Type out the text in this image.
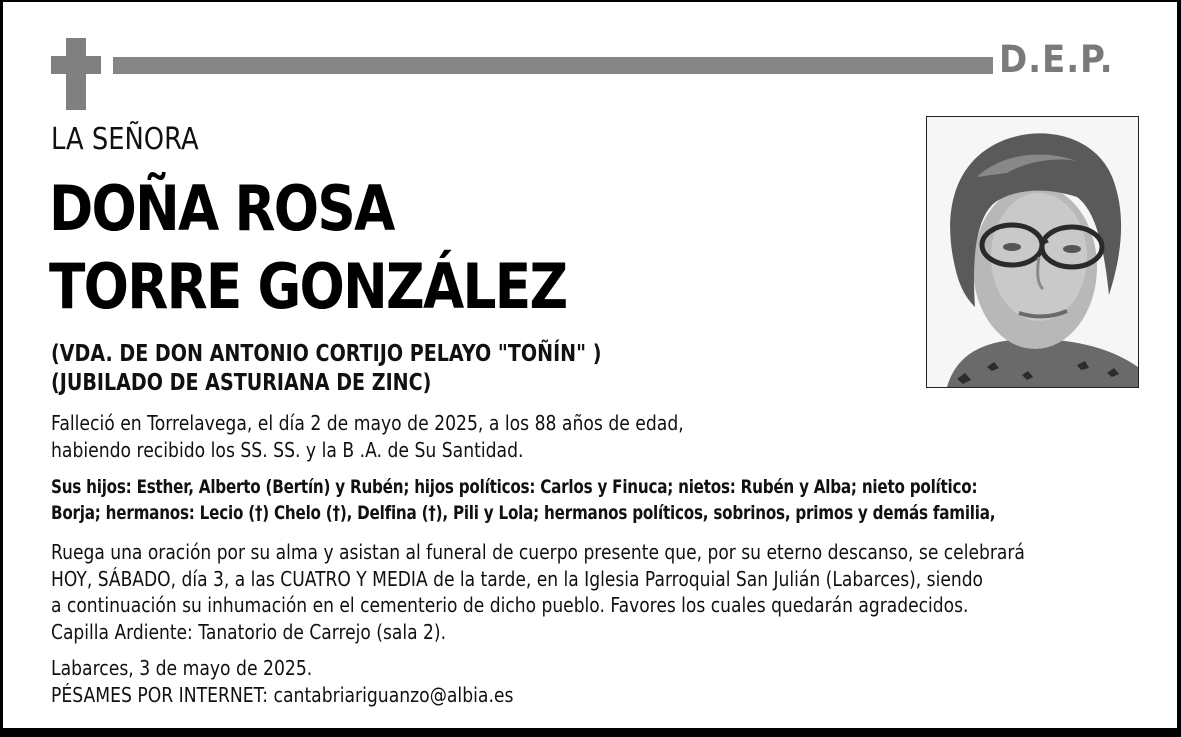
D.E.P.
LA SEÑORA
DOÑA ROSA
TORRE GONZÁLEZ
(VDA. DE DON ANTONIO CORTIJO PELAYO "TOÑÍN" )
(JUBILADO DE ASTURIANA DE ZINC)
Falleció en Torrelavega, el día 2 de mayo de 2025, a los 88 años de edad,
habiendo recibido los SS. SS. y la B .A. de Su Santidad.
Sus hijos: Esther, Alberto (Bertín) y Rubén; hijos políticos: Carlos y Finuca; nietos: Rubén y Alba; nieto político:
Borja; hermanos: Lecio (†) Chelo (†), Delfina (†), Pili y Lola; hermanos políticos, sobrinos, primos y demás familia,
Ruega una oración por su alma y asistan al funeral de cuerpo presente que, por su eterno descanso, se celebrará
HOY, SÁBADO, día 3, a las CUATRO Y MEDIA de la tarde, en la Iglesia Parroquial San Julián (Labarces), siendo
a continuación su inhumación en el cementerio de dicho pueblo. Favores los cuales quedarán agradecidos.
Capilla Ardiente: Tanatorio de Carrejo (sala 2).
Labarces, 3 de mayo de 2025.
PÉSAMES POR INTERNET: cantabriariguanzo@albia.es
